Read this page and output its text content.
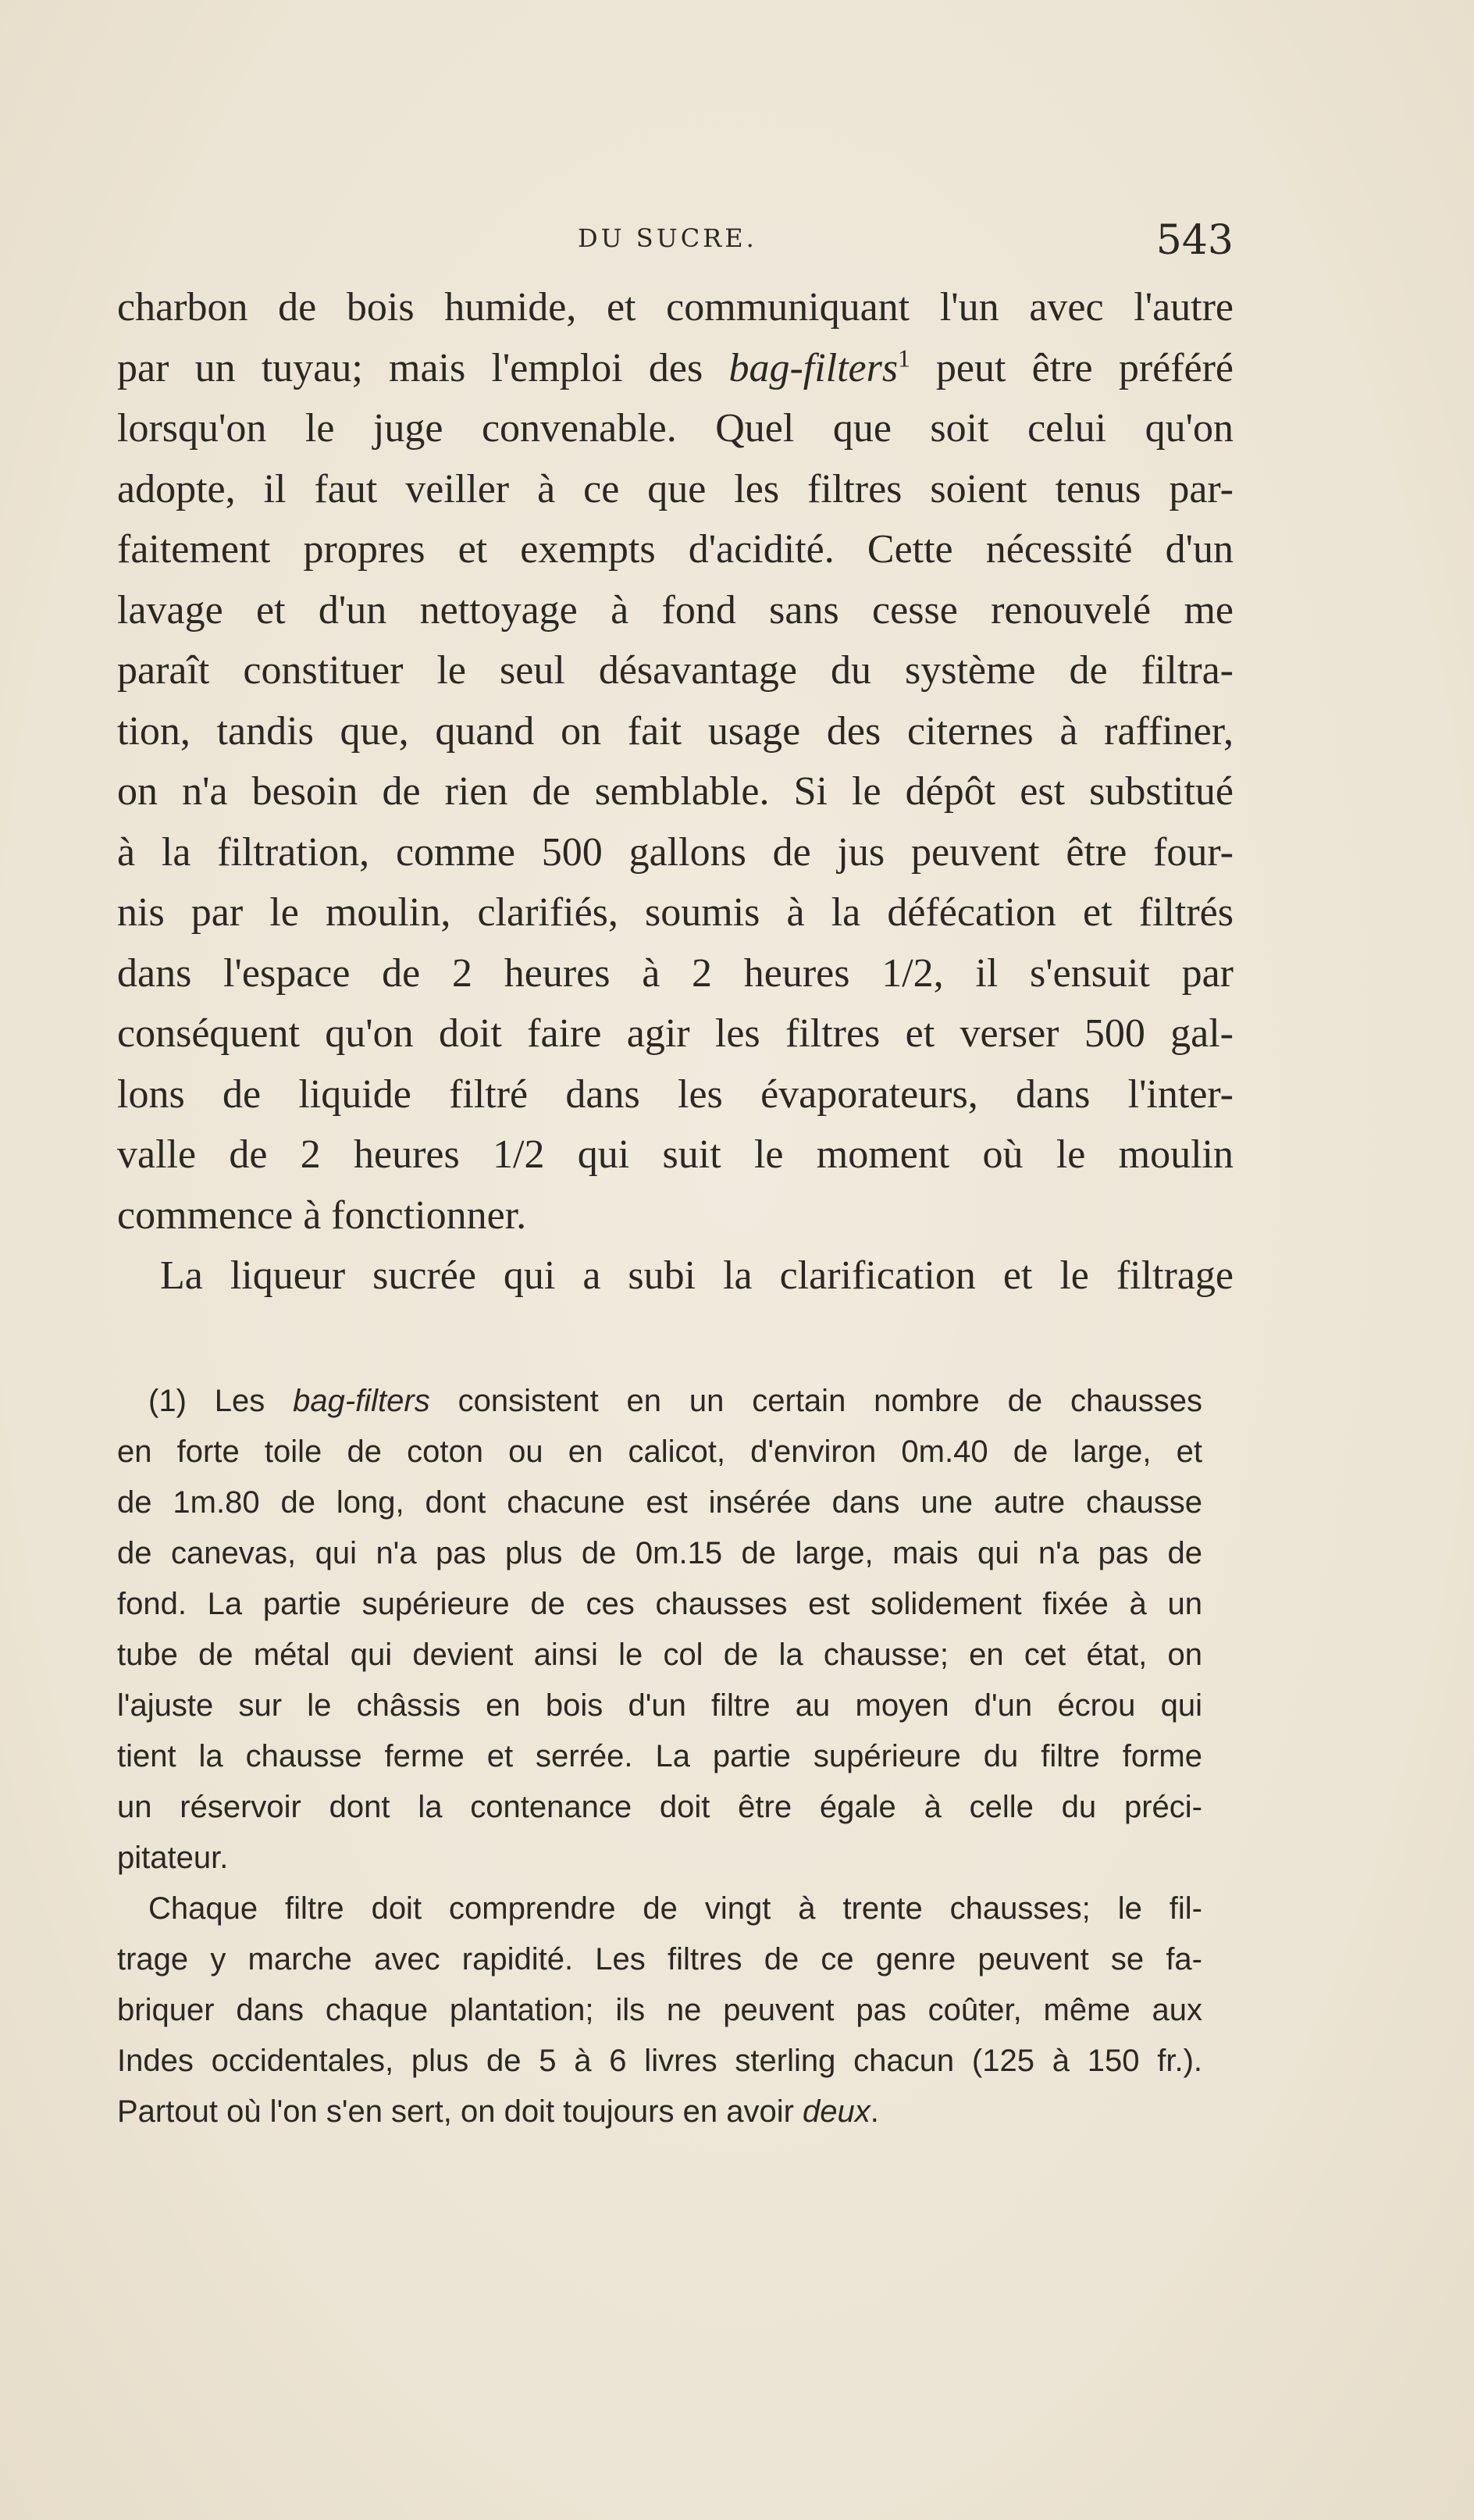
DU SUCRE.	543
charbon de bois humide, et communiquant l'un avec l'autre
par un tuyau; mais l'emploi des bag-filters$^1$ peut être préféré
lorsqu'on le juge convenable. Quel que soit celui qu'on
adopte, il faut veiller à ce que les filtres soient tenus par-
faitement propres et exempts d'acidité. Cette nécessité d'un
lavage et d'un nettoyage à fond sans cesse renouvelé me
paraît constituer le seul désavantage du système de filtra-
tion, tandis que, quand on fait usage des citernes à raffiner,
on n'a besoin de rien de semblable. Si le dépôt est substitué
à la filtration, comme 500 gallons de jus peuvent être four-
nis par le moulin, clarifiés, soumis à la défécation et filtrés
dans l'espace de 2 heures à 2 heures 1/2, il s'ensuit par
conséquent qu'on doit faire agir les filtres et verser 500 gal-
lons de liquide filtré dans les évaporateurs, dans l'inter-
valle de 2 heures 1/2 qui suit le moment où le moulin
commence à fonctionner.
La liqueur sucrée qui a subi la clarification et le filtrage
(1) Les bag-filters consistent en un certain nombre de chausses
en forte toile de coton ou en calicot, d'environ 0m.40 de large, et
de 1m.80 de long, dont chacune est insérée dans une autre chausse
de canevas, qui n'a pas plus de 0m.15 de large, mais qui n'a pas de
fond. La partie supérieure de ces chausses est solidement fixée à un
tube de métal qui devient ainsi le col de la chausse; en cet état, on
l'ajuste sur le châssis en bois d'un filtre au moyen d'un écrou qui
tient la chausse ferme et serrée. La partie supérieure du filtre forme
un réservoir dont la contenance doit être égale à celle du préci-
pitateur.
Chaque filtre doit comprendre de vingt à trente chausses; le fil-
trage y marche avec rapidité. Les filtres de ce genre peuvent se fa-
briquer dans chaque plantation; ils ne peuvent pas coûter, même aux
Indes occidentales, plus de 5 à 6 livres sterling chacun (125 à 150 fr.).
Partout où l'on s'en sert, on doit toujours en avoir deux.
